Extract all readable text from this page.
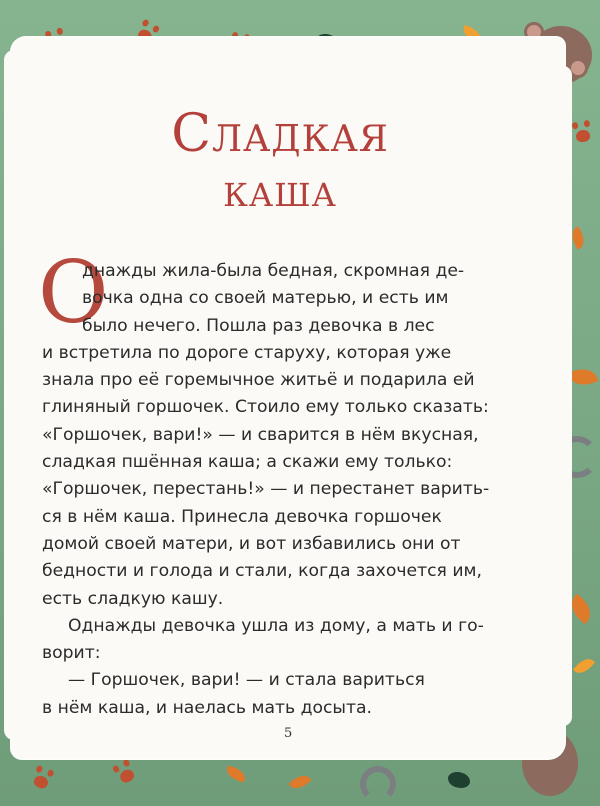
Сладкая
каша
О
днажды жила-была бедная, скромная де-
вочка одна со своей матерью, и есть им
было нечего. Пошла раз девочка в лес
и встретила по дороге старуху, которая уже
знала про её горемычное житьё и подарила ей
глиняный горшочек. Стоило ему только сказать:
«Горшочек, вари!» — и сварится в нём вкусная,
сладкая пшённая каша; а скажи ему только:
«Горшочек, перестань!» — и перестанет варить-
ся в нём каша. Принесла девочка горшочек
домой своей матери, и вот избавились они от
бедности и голода и стали, когда захочется им,
есть сладкую кашу.
Однажды девочка ушла из дому, а мать и го-
ворит:
— Горшочек, вари! — и стала вариться
в нём каша, и наелась мать досыта.
5
